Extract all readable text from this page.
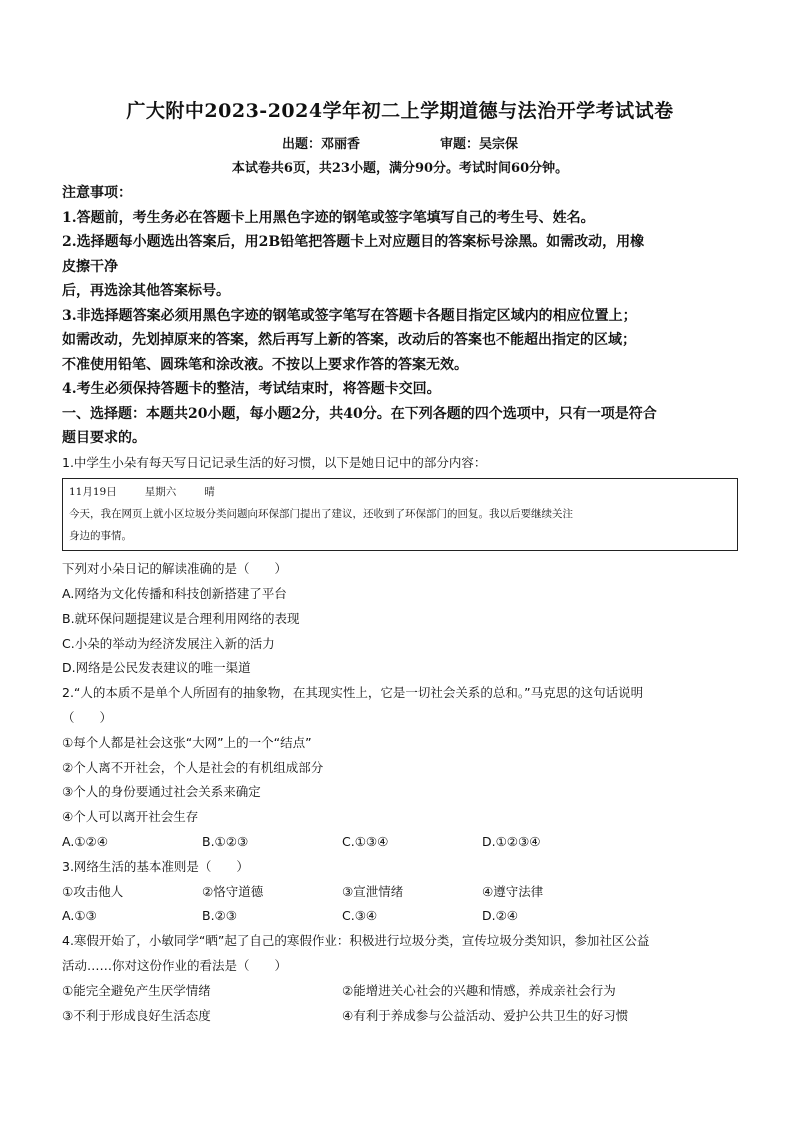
广大附中2023-2024学年初二上学期道德与法治开学考试试卷
出题：邓丽香	审题：吴宗保
本试卷共6页，共23小题，满分90分。考试时间60分钟。
注意事项：
1.答题前，考生务必在答题卡上用黑色字迹的钢笔或签字笔填写自己的考生号、姓名。
2.选择题每小题选出答案后，用2B铅笔把答题卡上对应题目的答案标号涂黑。如需改动，用橡
皮擦干净
后，再选涂其他答案标号。
3.非选择题答案必须用黑色字迹的钢笔或签字笔写在答题卡各题目指定区域内的相应位置上；
如需改动，先划掉原来的答案，然后再写上新的答案，改动后的答案也不能超出指定的区域；
不准使用铅笔、圆珠笔和涂改液。不按以上要求作答的答案无效。
4.考生必须保持答题卡的整洁，考试结束时，将答题卡交回。
一、选择题：本题共20小题，每小题2分，共40分。在下列各题的四个选项中，只有一项是符合
题目要求的。
1.中学生小朵有每天写日记记录生活的好习惯，以下是她日记中的部分内容：
11月19日	星期六	晴
今天，我在网页上就小区垃圾分类问题向环保部门提出了建议，还收到了环保部门的回复。我以后要继续关注
身边的事情。
下列对小朵日记的解读准确的是（　　）
A.网络为文化传播和科技创新搭建了平台
B.就环保问题提建议是合理利用网络的表现
C.小朵的举动为经济发展注入新的活力
D.网络是公民发表建议的唯一渠道
2.“人的本质不是单个人所固有的抽象物，在其现实性上，它是一切社会关系的总和。”马克思的这句话说明
（　　）
①每个人都是社会这张“大网”上的一个“结点”
②个人离不开社会，个人是社会的有机组成部分
③个人的身份要通过社会关系来确定
④个人可以离开社会生存
A.①②④	B.①②③	C.①③④	D.①②③④
3.网络生活的基本准则是（　　）
①攻击他人	②恪守道德	③宣泄情绪	④遵守法律
A.①③	B.②③	C.③④	D.②④
4.寒假开始了，小敏同学“晒”起了自己的寒假作业：积极进行垃圾分类，宣传垃圾分类知识，参加社区公益
活动……你对这份作业的看法是（　　）
①能完全避免产生厌学情绪	②能增进关心社会的兴趣和情感，养成亲社会行为
③不利于形成良好生活态度	④有利于养成参与公益活动、爱护公共卫生的好习惯
